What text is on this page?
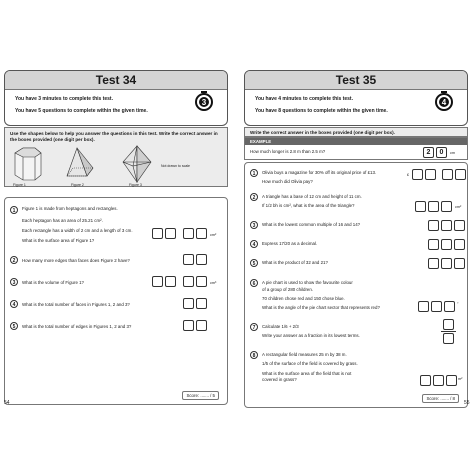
Test 34
You have 3 minutes to complete this test.
You have 5 questions to complete within the given time.
3
Use the shapes below to help you answer the questions in this test. Write the correct answer in the boxes provided (one digit per box).
Figure 1	Figure 2	Figure 3
Not drawn to scale
1	Figure 1 is made from heptagons and rectangles.
Each heptagon has an area of 25.21 cm².
Each rectangle has a width of 2 cm and a length of 3 cm.
What is the surface area of Figure 1?
cm²
2	How many more edges than faces does Figure 2 have?
3	What is the volume of Figure 1?	cm³
4	What is the total number of faces in Figures 1, 2 and 3?
5	What is the total number of edges in Figures 1, 2 and 3?
Score: ....... / 5
54
Test 35
You have 4 minutes to complete this test.
You have 8 questions to complete within the given time.
4
Write the correct answer in the boxes provided (one digit per box).
EXAMPLE
How much longer is 2.8 m than 2.5 m?	2	0	cm
1	Olivia buys a magazine for 30% off its original price of £13.
How much did Olivia pay?
£
2	A triangle has a base of 12 cm and height of 11 cm.
If 1/2 bh is cm², what is the area of the triangle?	cm²
3	What is the lowest common multiple of 16 and 14?
4	Express 17/20 as a decimal.
5	What is the product of 32 and 21?
6	A pie chart is used to show the favourite colour
of a group of 280 children.
70 children chose red and 150 chose blue.
What is the angle of the pie chart sector that represents red?
°
7	Calculate 1/6 + 2/3
Write your answer as a fraction in its lowest terms.
8	A rectangular field measures 25 m by 38 m.
1/5 of the surface of the field is covered by grass.
What is the surface area of the field that is not
covered in grass?	m²
Score: ....... / 8
55
